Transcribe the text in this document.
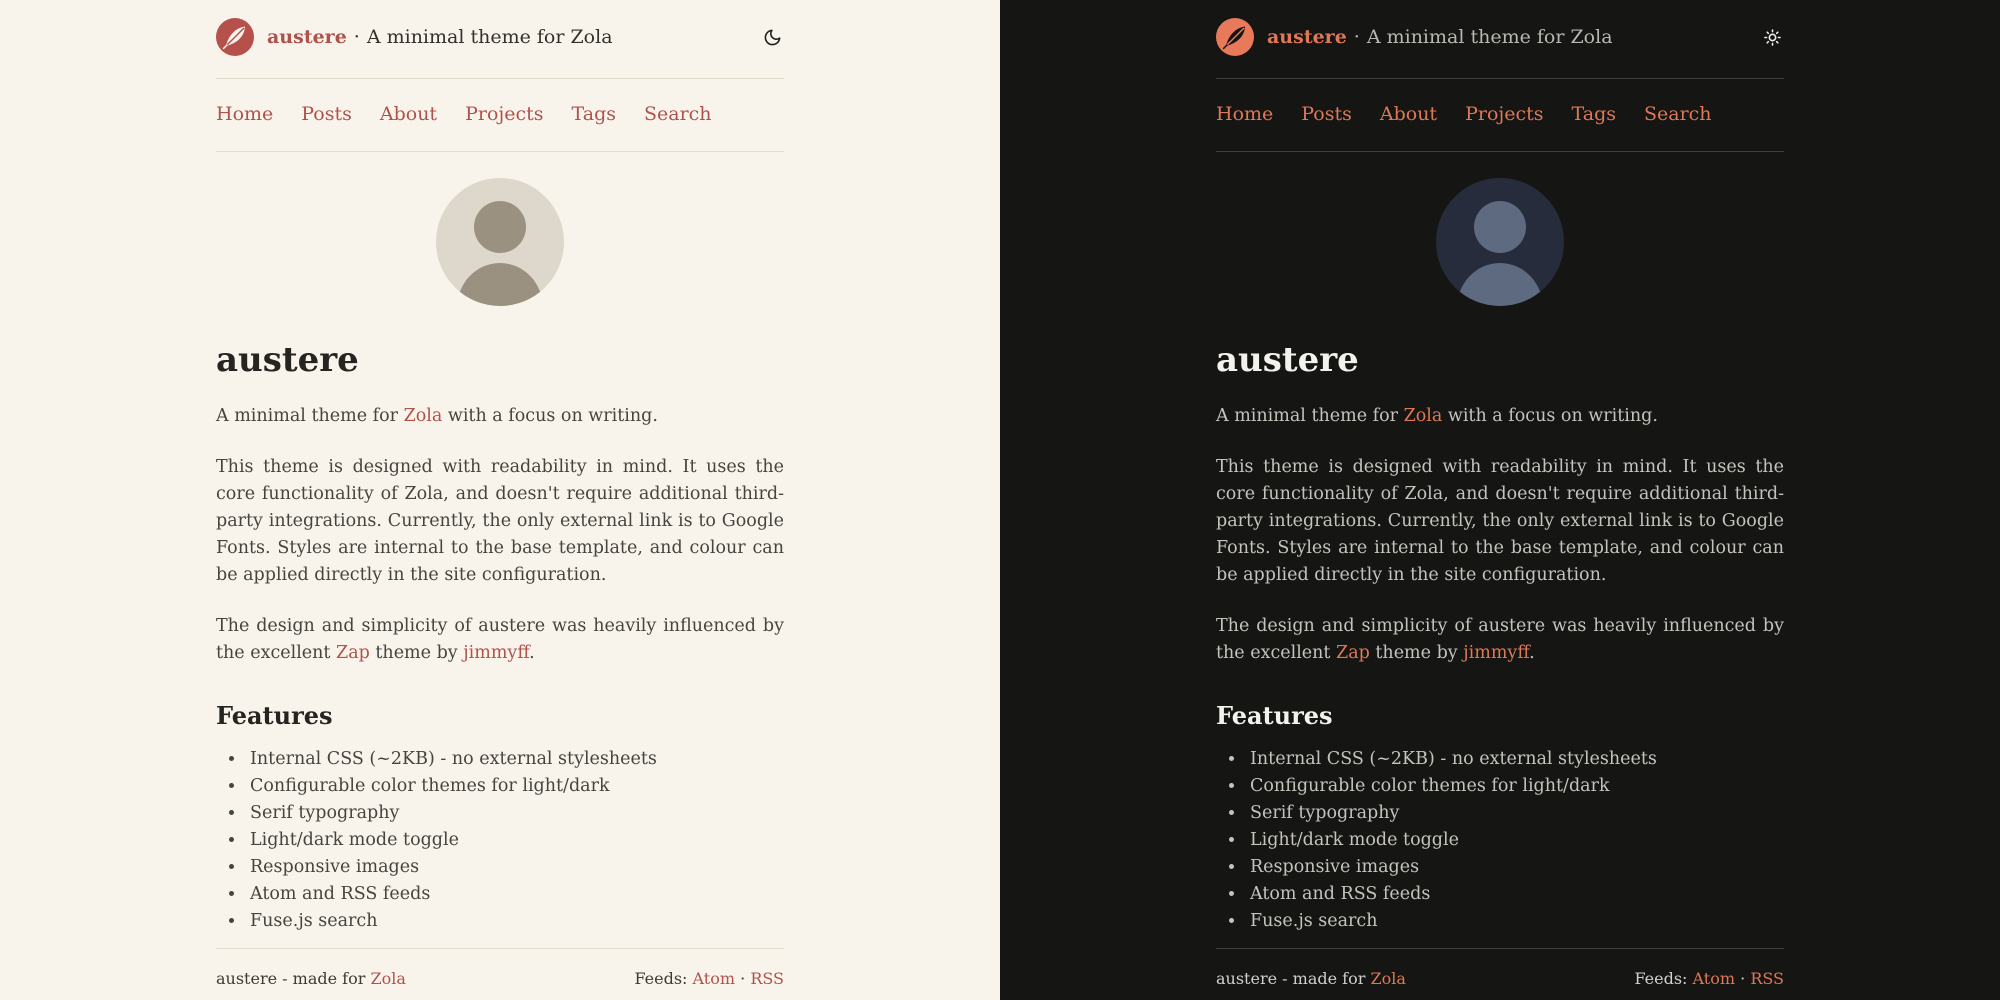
austere · A minimal theme for Zola
Home Posts About Projects Tags Search
austere

A minimal theme for Zola with a focus on writing.

This theme is designed with readability in mind. It uses the core functionality of Zola, and doesn't require additional third-party integrations. Currently, the only external link is to Google Fonts. Styles are internal to the base template, and colour can be applied directly in the site configuration.

The design and simplicity of austere was heavily influenced by the excellent Zap theme by jimmyff.

Features
• Internal CSS (~2KB) - no external stylesheets
• Configurable color themes for light/dark
• Serif typography
• Light/dark mode toggle
• Responsive images
• Atom and RSS feeds
• Fuse.js search
austere - made for Zola	Feeds: Atom · RSS
austere · A minimal theme for Zola
Home Posts About Projects Tags Search
austere

A minimal theme for Zola with a focus on writing.

This theme is designed with readability in mind. It uses the core functionality of Zola, and doesn't require additional third-party integrations. Currently, the only external link is to Google Fonts. Styles are internal to the base template, and colour can be applied directly in the site configuration.

The design and simplicity of austere was heavily influenced by the excellent Zap theme by jimmyff.

Features
• Internal CSS (~2KB) - no external stylesheets
• Configurable color themes for light/dark
• Serif typography
• Light/dark mode toggle
• Responsive images
• Atom and RSS feeds
• Fuse.js search
austere - made for Zola	Feeds: Atom · RSS
